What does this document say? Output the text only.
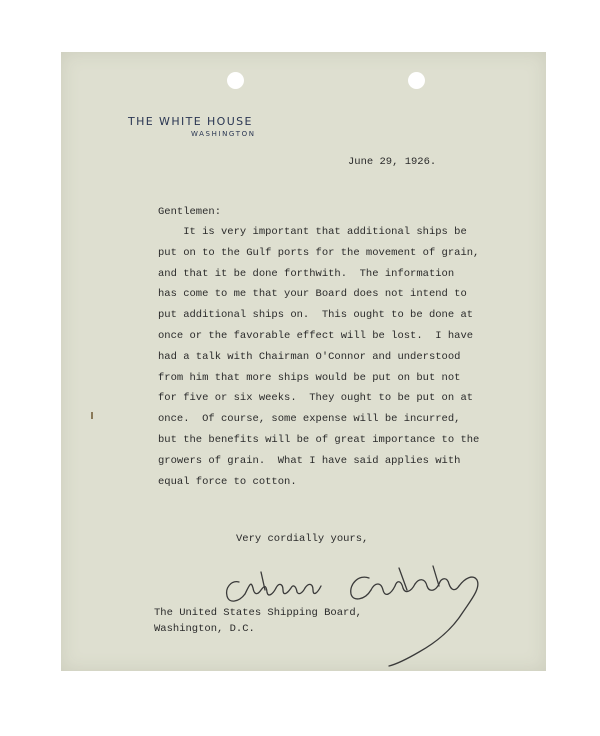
THE WHITE HOUSE
WASHINGTON
June 29, 1926.
Gentlemen:
It is very important that additional ships be
put on to the Gulf ports for the movement of grain,
and that it be done forthwith.  The information
has come to me that your Board does not intend to
put additional ships on.  This ought to be done at
once or the favorable effect will be lost.  I have
had a talk with Chairman O'Connor and understood
from him that more ships would be put on but not
for five or six weeks.  They ought to be put on at
once.  Of course, some expense will be incurred,
but the benefits will be of great importance to the
growers of grain.  What I have said applies with
equal force to cotton.
Very cordially yours,
The United States Shipping Board,
Washington, D.C.
